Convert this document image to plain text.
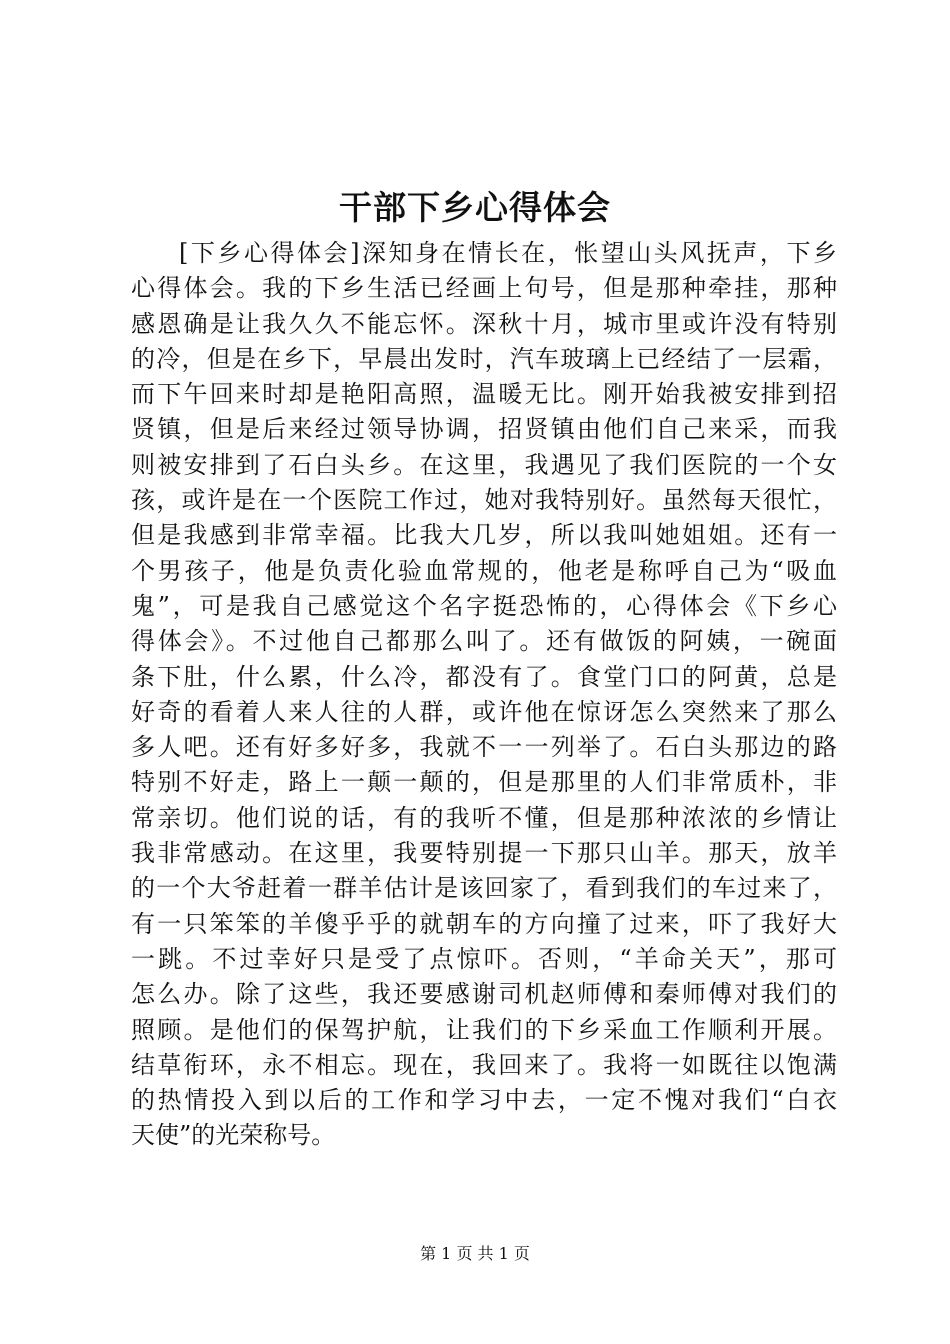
干部下乡心得体会
[下乡心得体会]深知身在情长在，怅望山头风抚声，下乡
心得体会。我的下乡生活已经画上句号，但是那种牵挂，那种
感恩确是让我久久不能忘怀。深秋十月，城市里或许没有特别
的冷，但是在乡下，早晨出发时，汽车玻璃上已经结了一层霜，
而下午回来时却是艳阳高照，温暖无比。刚开始我被安排到招
贤镇，但是后来经过领导协调，招贤镇由他们自己来采，而我
则被安排到了石白头乡。在这里，我遇见了我们医院的一个女
孩，或许是在一个医院工作过，她对我特别好。虽然每天很忙，
但是我感到非常幸福。比我大几岁，所以我叫她姐姐。还有一
个男孩子，他是负责化验血常规的，他老是称呼自己为“吸血
鬼”，可是我自己感觉这个名字挺恐怖的，心得体会《下乡心
得体会》。不过他自己都那么叫了。还有做饭的阿姨，一碗面
条下肚，什么累，什么冷，都没有了。食堂门口的阿黄，总是
好奇的看着人来人往的人群，或许他在惊讶怎么突然来了那么
多人吧。还有好多好多，我就不一一列举了。石白头那边的路
特别不好走，路上一颠一颠的，但是那里的人们非常质朴，非
常亲切。他们说的话，有的我听不懂，但是那种浓浓的乡情让
我非常感动。在这里，我要特别提一下那只山羊。那天，放羊
的一个大爷赶着一群羊估计是该回家了，看到我们的车过来了，
有一只笨笨的羊傻乎乎的就朝车的方向撞了过来，吓了我好大
一跳。不过幸好只是受了点惊吓。否则，“羊命关天”，那可
怎么办。除了这些，我还要感谢司机赵师傅和秦师傅对我们的
照顾。是他们的保驾护航，让我们的下乡采血工作顺利开展。
结草衔环，永不相忘。现在，我回来了。我将一如既往以饱满
的热情投入到以后的工作和学习中去，一定不愧对我们“白衣
天使”的光荣称号。
第 1 页 共 1 页
